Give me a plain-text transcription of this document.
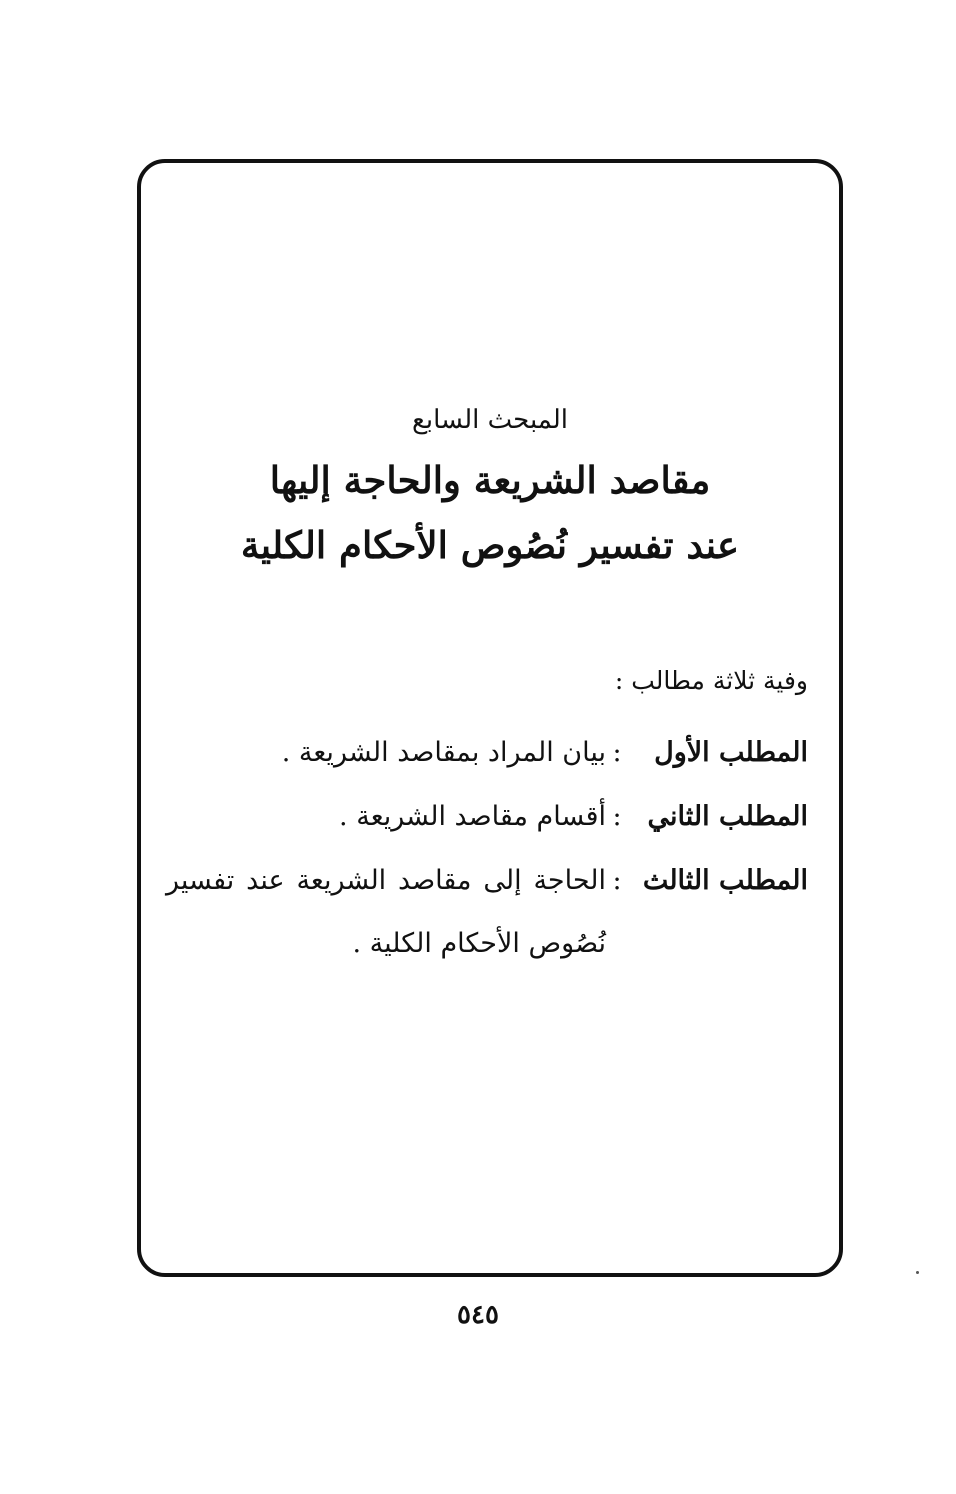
المبحث السابع
مقاصد الشريعة والحاجة إليها
عند تفسير نُصُوص الأحكام الكلية
وفية ثلاثة مطالب :
المطلب الأول
:
بيان المراد بمقاصد الشريعة .
المطلب الثاني
:
أقسام مقاصد الشريعة .
المطلب الثالث
:
الحاجة إلى مقاصد الشريعة عند تفسير
نُصُوص الأحكام الكلية .
٥٤٥
